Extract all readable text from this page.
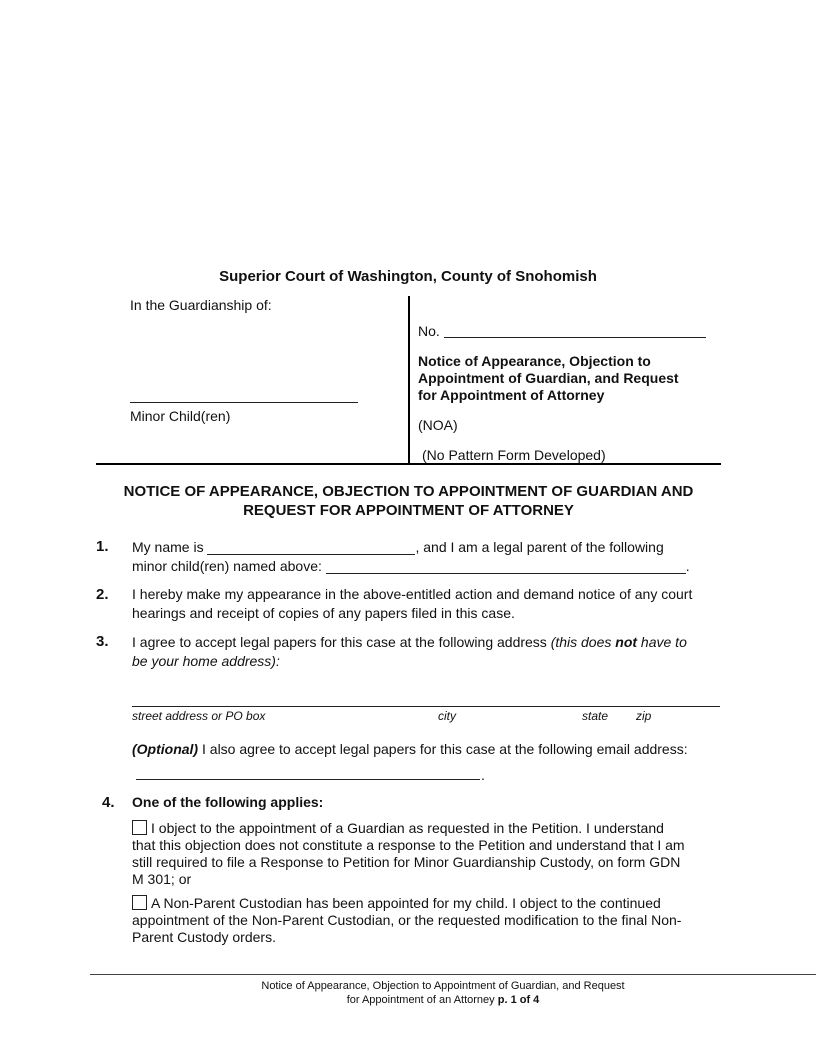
Superior Court of Washington, County of Snohomish
In the Guardianship of:
Minor Child(ren)
No.
Notice of Appearance, Objection to
Appointment of Guardian, and Request
for Appointment of Attorney
(NOA)
(No Pattern Form Developed)
NOTICE OF APPEARANCE, OBJECTION TO APPOINTMENT OF GUARDIAN AND
REQUEST FOR APPOINTMENT OF ATTORNEY
1. My name is	, and I am a legal parent of the following
minor child(ren) named above:	.
2. I hereby make my appearance in the above-entitled action and demand notice of any court
hearings and receipt of copies of any papers filed in this case.
3. I agree to accept legal papers for this case at the following address (this does not have to
be your home address):
street address or PO box	city	state zip
(Optional) I also agree to accept legal papers for this case at the following email address:
.
4. One of the following applies:
I object to the appointment of a Guardian as requested in the Petition. I understand
that this objection does not constitute a response to the Petition and understand that I am
still required to file a Response to Petition for Minor Guardianship Custody, on form GDN
M 301; or
A Non-Parent Custodian has been appointed for my child. I object to the continued
appointment of the Non-Parent Custodian, or the requested modification to the final Non-
Parent Custody orders.
Notice of Appearance, Objection to Appointment of Guardian, and Request
for Appointment of an Attorney p. 1 of 4
